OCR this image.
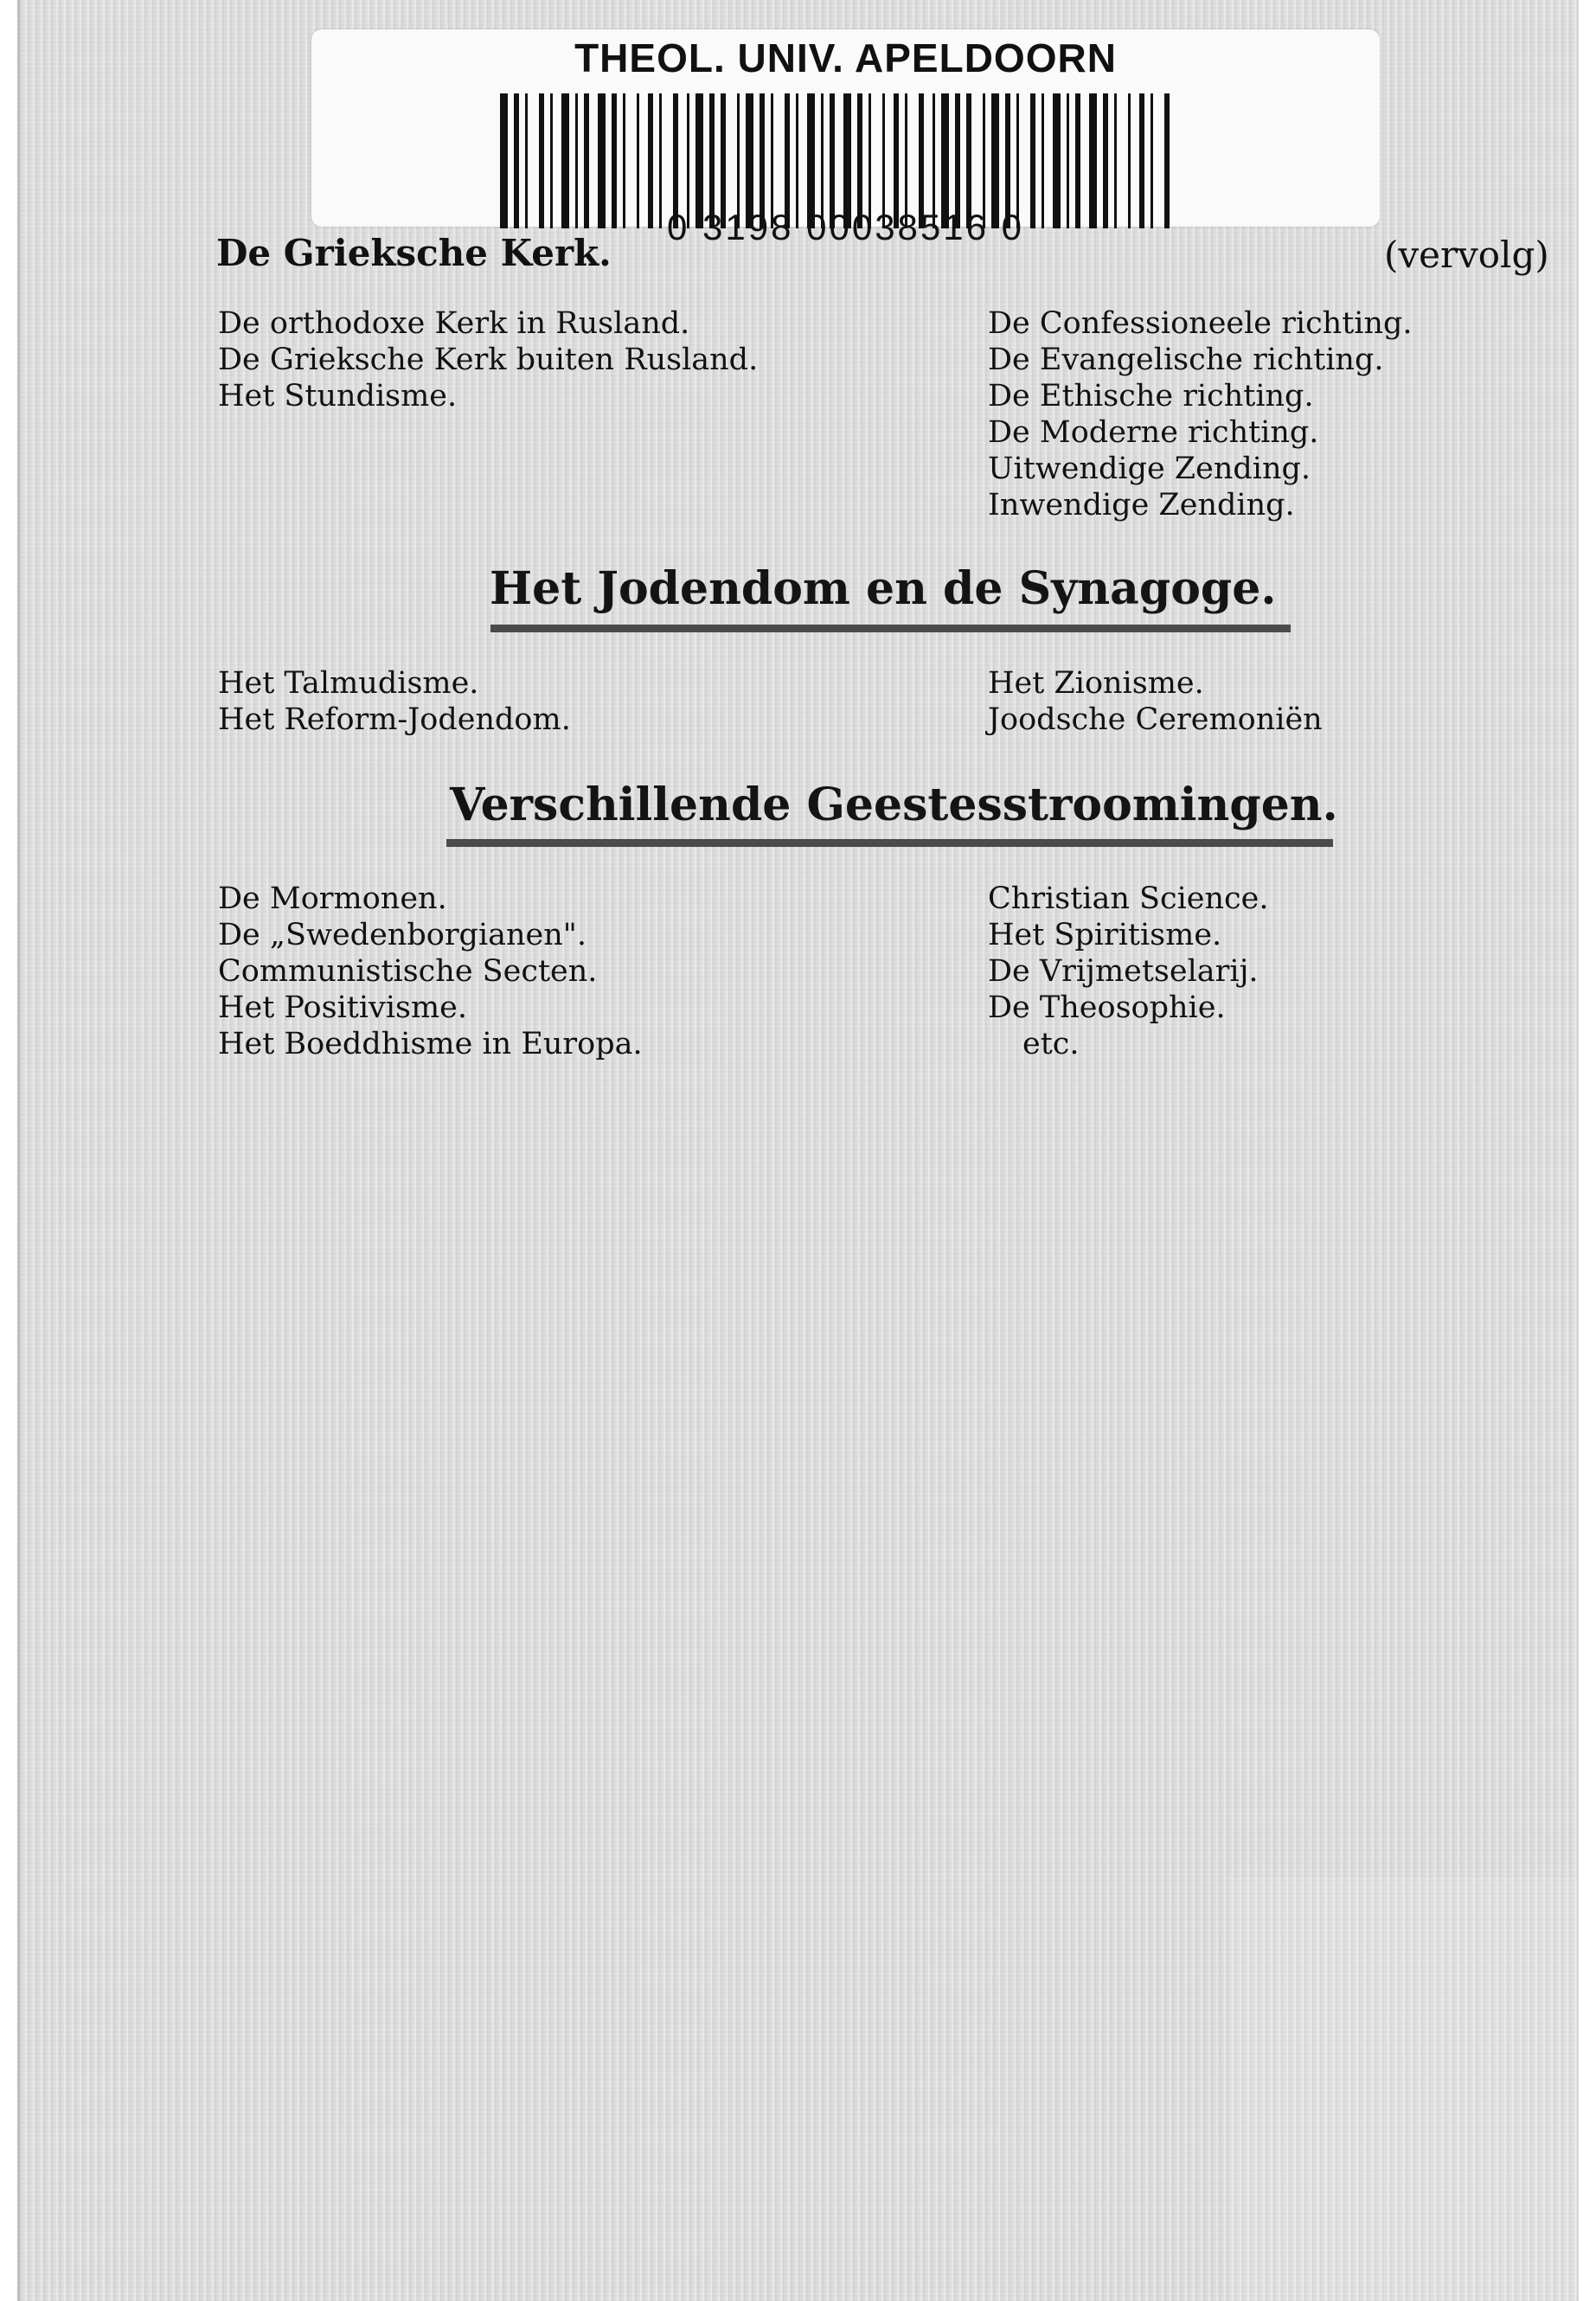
De Grieksche Kerk.	(vervolg)
De orthodoxe Kerk in Rusland.
De Grieksche Kerk buiten Rusland.
Het Stundisme.
De Confessioneele richting.
De Evangelische richting.
De Ethische richting.
De Moderne richting.
Uitwendige Zending.
Inwendige Zending.
Het Jodendom en de Synagoge.
Het Talmudisme.
Het Reform-Jodendom.
Het Zionisme.
Joodsche Ceremoniën
Verschillende Geestesstroomingen.
De Mormonen.
De „Swedenborgianen".
Communistische Secten.
Het Positivisme.
Het Boeddhisme in Europa.
Christian Science.
Het Spiritisme.
De Vrijmetselarij.
De Theosophie.
etc.
THEOL. UNIV. APELDOORN
0 3198 00038516 0
